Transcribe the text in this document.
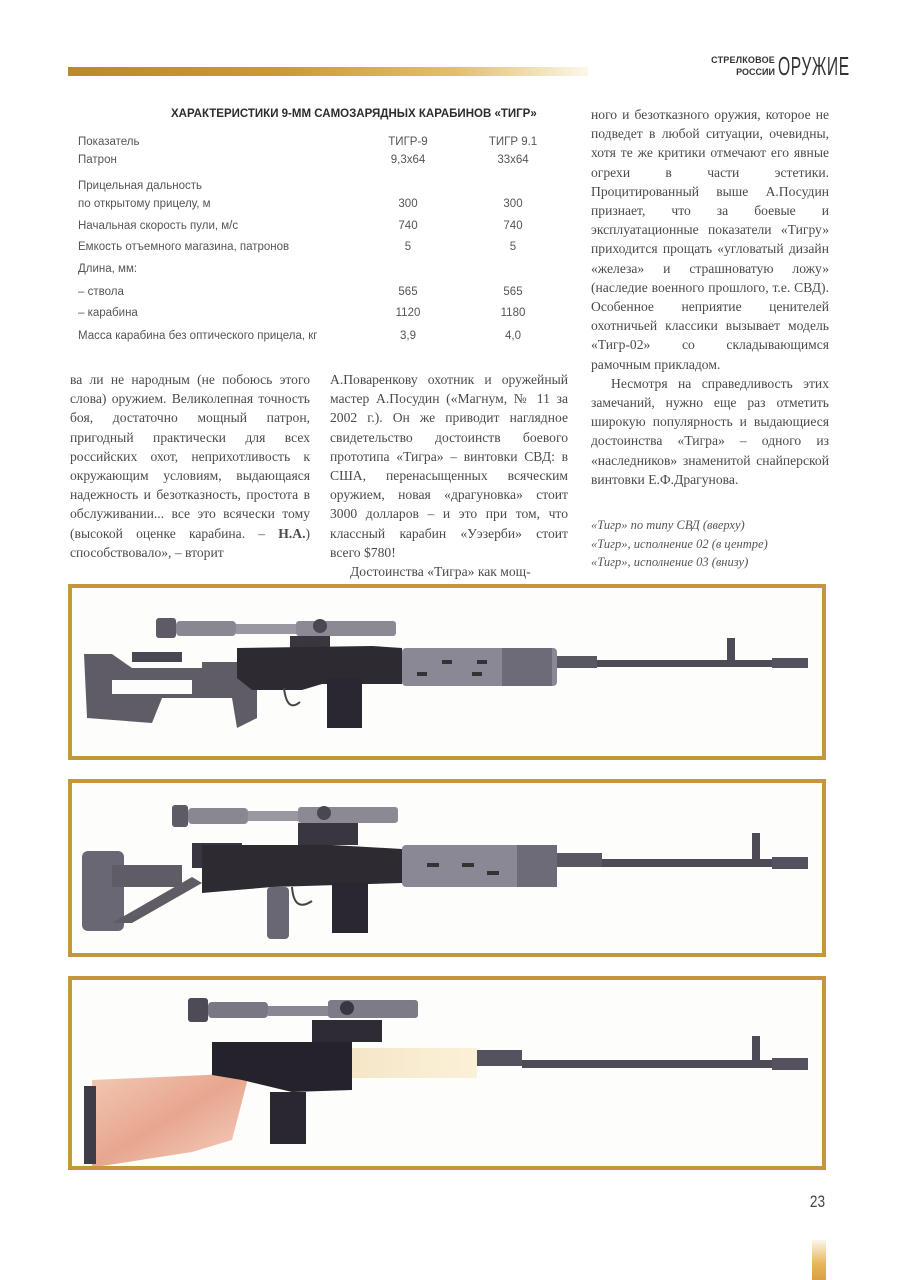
СТРЕЛКОВОЕ
РОССИИ ОРУЖИЕ
ХАРАКТЕРИСТИКИ 9-ММ САМОЗАРЯДНЫХ КАРАБИНОВ «ТИГР»
Показатель	ТИГР-9	ТИГР 9.1
Патрон	9,3х64	33х64
Прицельная дальность
по открытому прицелу, м	300	300
Начальная скорость пули, м/с	740	740
Емкость отъемного магазина, патронов	5	5
Длина, мм:
– ствола	565	565
– карабина	1120	1180
Масса карабина без оптического прицела, кг	3,9	4,0

ва ли не народным (не побоюсь этого слова) оружием. Великолепная точность боя, достаточно мощный патрон, пригодный практически для всех российских охот, неприхотливость к окружающим условиям, выдающаяся надежность и безотказность, простота в обслуживании... все это всячески тому (высокой оценке карабина. – Н.А.) способствовало», – вторит

А.Поваренкову охотник и оружейный мастер А.Посудин («Магнум, № 11 за 2002 г.). Он же приводит наглядное свидетельство достоинств боевого прототипа «Тигра» – винтовки СВД: в США, перенасыщенных всяческим оружием, новая «драгуновка» стоит 3000 долларов – и это при том, что классный карабин «Уэзерби» стоит всего $780!

Достоинства «Тигра» как мощ-

ного и безотказного оружия, которое не подведет в любой ситуации, очевидны, хотя те же критики отмечают его явные огрехи в части эстетики. Процитированный выше А.Посудин признает, что за боевые и эксплуатационные показатели «Тигру» приходится прощать «угловатый дизайн «железа» и страшноватую ложу» (наследие военного прошлого, т.е. СВД). Особенное неприятие ценителей охотничьей классики вызывает модель «Тигр-02» со складывающимся рамочным прикладом.

Несмотря на справедливость этих замечаний, нужно еще раз отметить широкую популярность и выдающиеся достоинства «Тигра» – одного из «наследников» знаменитой снайперской винтовки Е.Ф.Драгунова.

«Тигр» по типу СВД (вверху)
«Тигр», исполнение 02 (в центре)
«Тигр», исполнение 03 (внизу)
23
